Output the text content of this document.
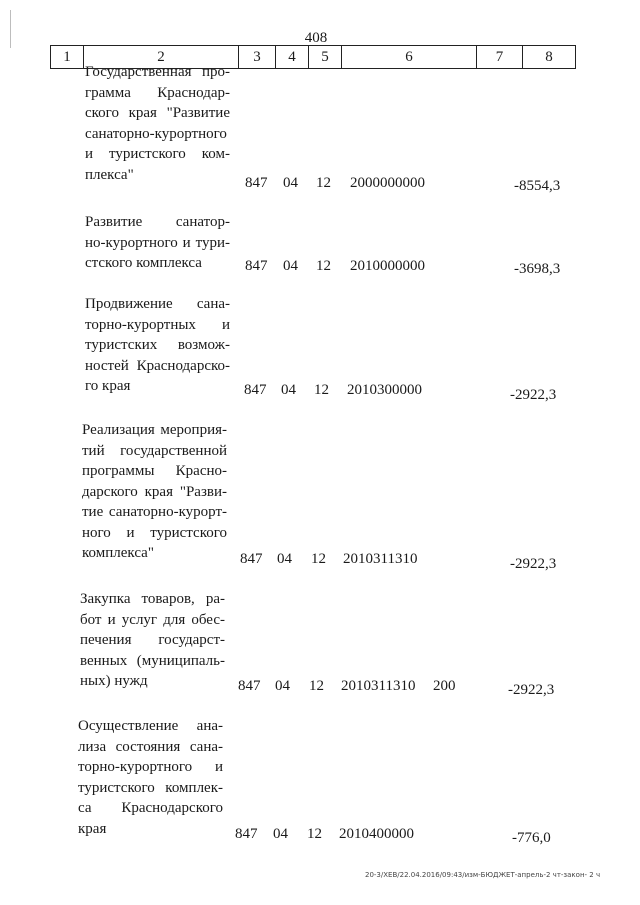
408
1	2	3	4	5	6	7	8
Государственная про-
грамма Краснодар-
ского края "Развитие
санаторно-курортного
и туристского ком-
плекса"
847 04 12 2000000000	-8554,3
Развитие санатор-
но-курортного и тури-
стского комплекса	847 04 12 2010000000	-3698,3
Продвижение сана-
торно-курортных и
туристских возмож-
ностей Краснодарско-
го края	847 04 12 2010300000	-2922,3
Реализация мероприя-
тий государственной
программы Красно-
дарского края "Разви-
тие санаторно-курорт-
ного и туристского
комплекса"	847 04 12 2010311310	-2922,3
Закупка товаров, ра-
бот и услуг для обес-
печения государст-
венных (муниципаль-
ных) нужд	847 04 12 2010311310 200	-2922,3
Осуществление ана-
лиза состояния сана-
торно-курортного и
туристского комплек-
са Краснодарского
края	847 04 12 2010400000	-776,0
20-3/ХЕВ/22.04.2016/09:43/изм-БЮДЖЕТ-апрель-2 чт-закон- 2 ч
